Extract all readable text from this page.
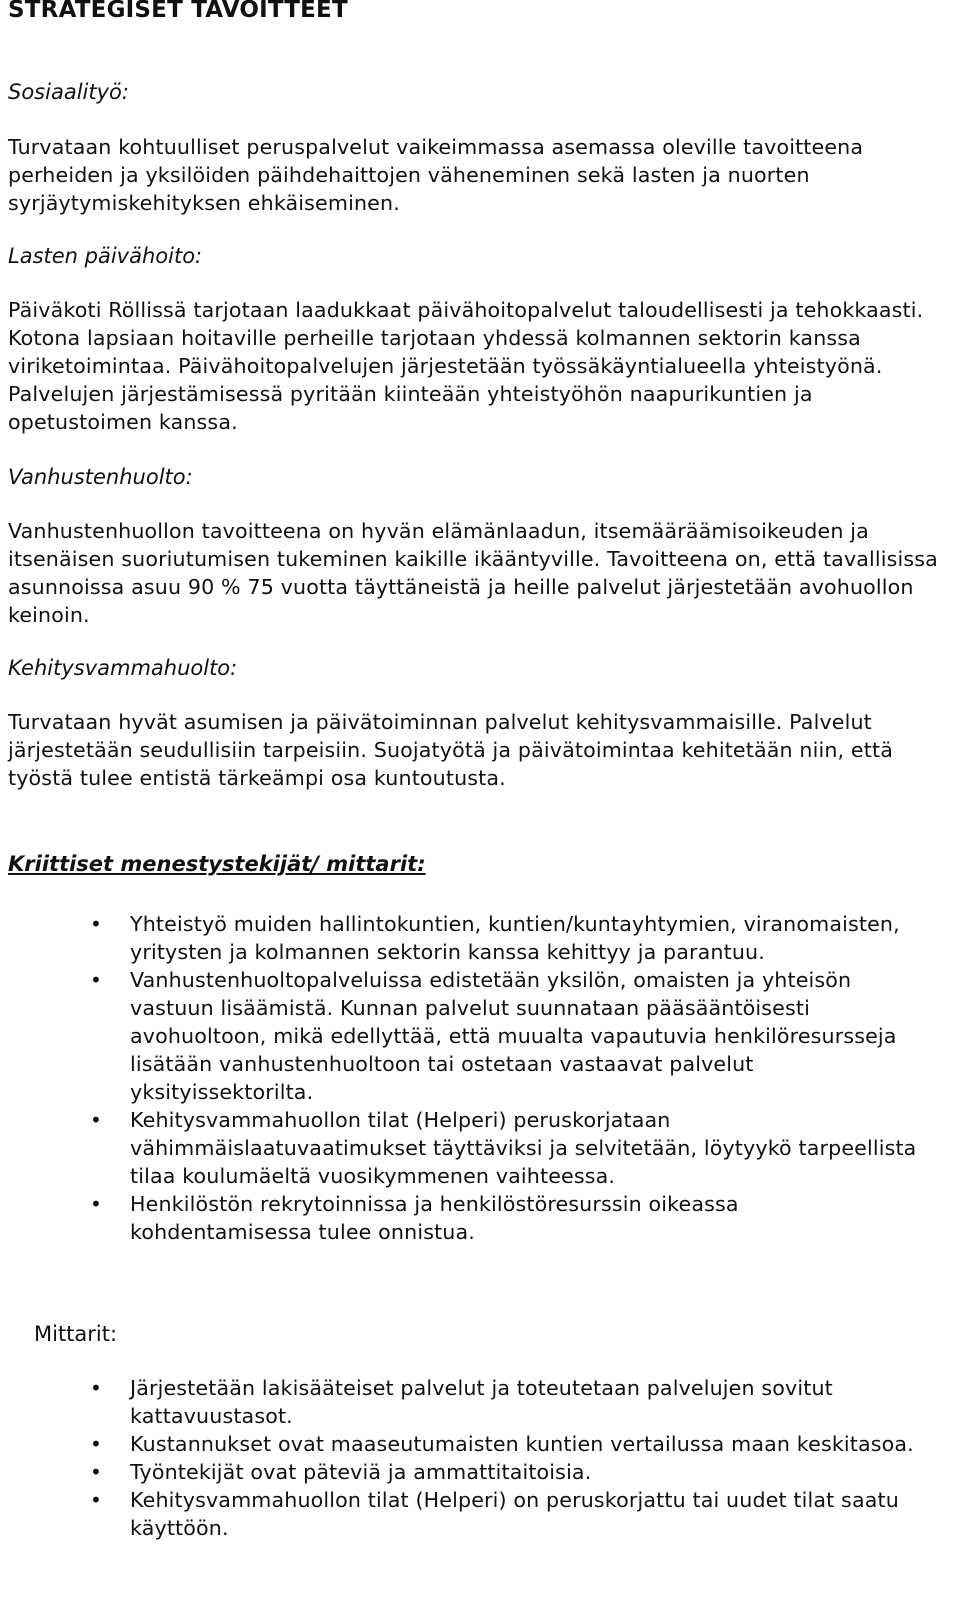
STRATEGISET TAVOITTEET
Sosiaalityö:
Turvataan kohtuulliset peruspalvelut vaikeimmassa asemassa oleville tavoitteena perheiden ja yksilöiden päihdehaittojen väheneminen sekä lasten ja nuorten syrjäytymiskehityksen ehkäiseminen.
Lasten päivähoito:
Päiväkoti Röllissä tarjotaan laadukkaat päivähoitopalvelut taloudellisesti ja tehokkaasti. Kotona lapsiaan hoitaville perheille tarjotaan yhdessä kolmannen sektorin kanssa viriketoimintaa. Päivähoitopalvelujen järjestetään työssäkäyntialueella yhteistyönä. Palvelujen järjestämisessä pyritään kiinteään yhteistyöhön naapurikuntien ja opetustoimen kanssa.
Vanhustenhuolto:
Vanhustenhuollon tavoitteena on hyvän elämänlaadun, itsemääräämisoikeuden ja itsenäisen suoriutumisen tukeminen kaikille ikääntyville. Tavoitteena on, että tavallisissa asunnoissa asuu 90 % 75 vuotta täyttäneistä ja heille palvelut järjestetään avohuollon keinoin.
Kehitysvammahuolto:
Turvataan hyvät asumisen ja päivätoiminnan palvelut kehitysvammaisille. Palvelut järjestetään seudullisiin tarpeisiin. Suojatyötä ja päivätoimintaa kehitetään niin, että työstä tulee entistä tärkeämpi osa kuntoutusta.
Kriittiset menestystekijät/ mittarit:
• Yhteistyö muiden hallintokuntien, kuntien/kuntayhtymien, viranomaisten, yritysten ja kolmannen sektorin kanssa kehittyy ja parantuu.
• Vanhustenhuoltopalveluissa edistetään yksilön, omaisten ja yhteisön vastuun lisäämistä. Kunnan palvelut suunnataan pääsääntöisesti avohuoltoon, mikä edellyttää, että muualta vapautuvia henkilöresursseja lisätään vanhustenhuoltoon tai ostetaan vastaavat palvelut yksityissektorilta.
• Kehitysvammahuollon tilat (Helperi) peruskorjataan vähimmäislaatuvaatimukset täyttäviksi ja selvitetään, löytyykö tarpeellista tilaa koulumäeltä vuosikymmenen vaihteessa.
• Henkilöstön rekrytoinnissa ja henkilöstöresurssin oikeassa kohdentamisessa tulee onnistua.
Mittarit:
• Järjestetään lakisääteiset palvelut ja toteutetaan palvelujen sovitut kattavuustasot.
• Kustannukset ovat maaseutumaisten kuntien vertailussa maan keskitasoa.
• Työntekijät ovat päteviä ja ammattitaitoisia.
• Kehitysvammahuollon tilat (Helperi) on peruskorjattu tai uudet tilat saatu käyttöön.
